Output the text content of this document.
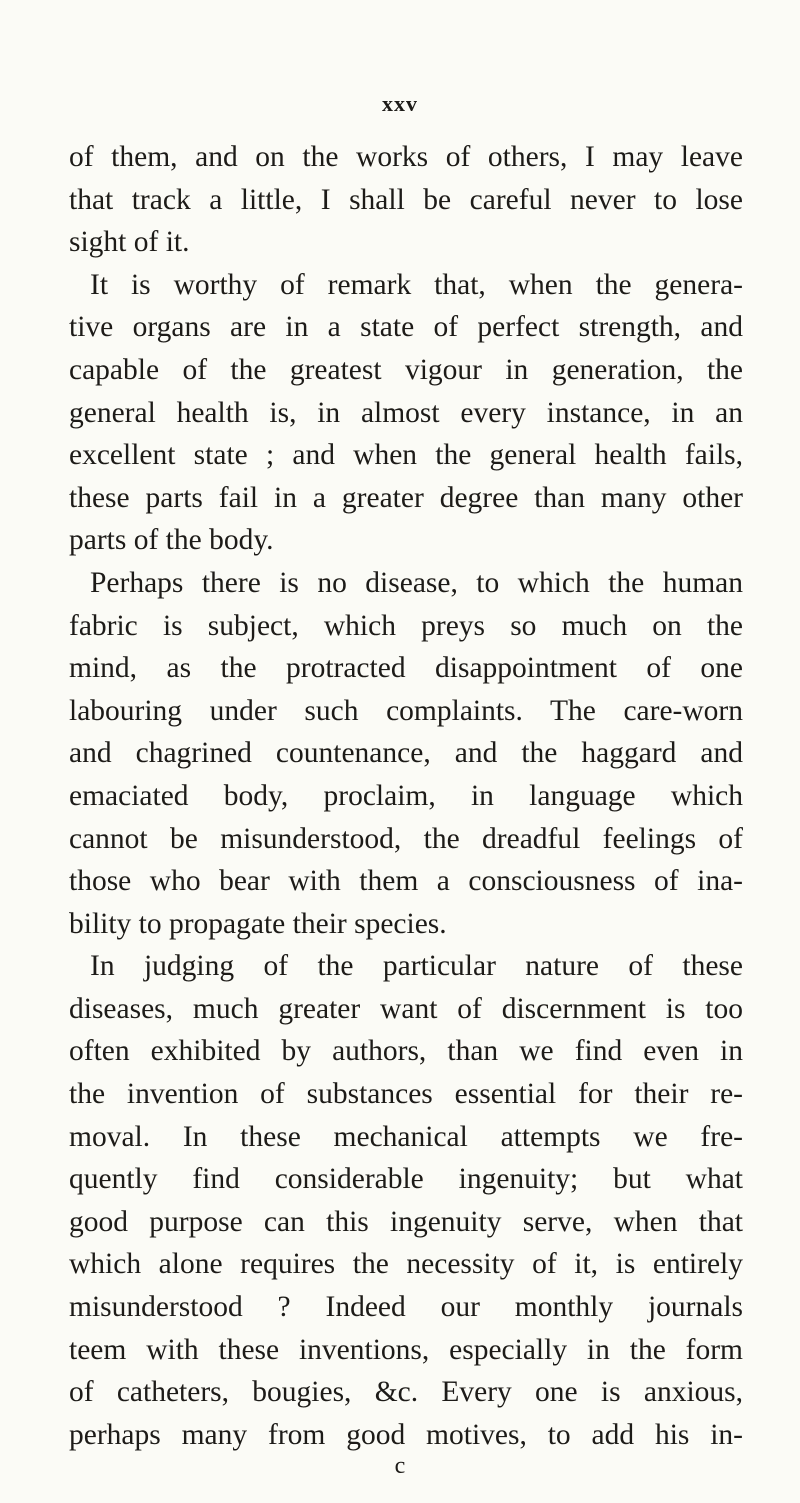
xxv
of them, and on the works of others, I may leave
that track a little, I shall be careful never to lose
sight of it.
It is worthy of remark that, when the genera-
tive organs are in a state of perfect strength, and
capable of the greatest vigour in generation, the
general health is, in almost every instance, in an
excellent state ; and when the general health fails,
these parts fail in a greater degree than many other
parts of the body.
Perhaps there is no disease, to which the human
fabric is subject, which preys so much on the
mind, as the protracted disappointment of one
labouring under such complaints. The care-worn
and chagrined countenance, and the haggard and
emaciated body, proclaim, in language which
cannot be misunderstood, the dreadful feelings of
those who bear with them a consciousness of ina-
bility to propagate their species.
In judging of the particular nature of these
diseases, much greater want of discernment is too
often exhibited by authors, than we find even in
the invention of substances essential for their re-
moval. In these mechanical attempts we fre-
quently find considerable ingenuity; but what
good purpose can this ingenuity serve, when that
which alone requires the necessity of it, is entirely
misunderstood ? Indeed our monthly journals
teem with these inventions, especially in the form
of catheters, bougies, &c. Every one is anxious,
perhaps many from good motives, to add his in-
c
